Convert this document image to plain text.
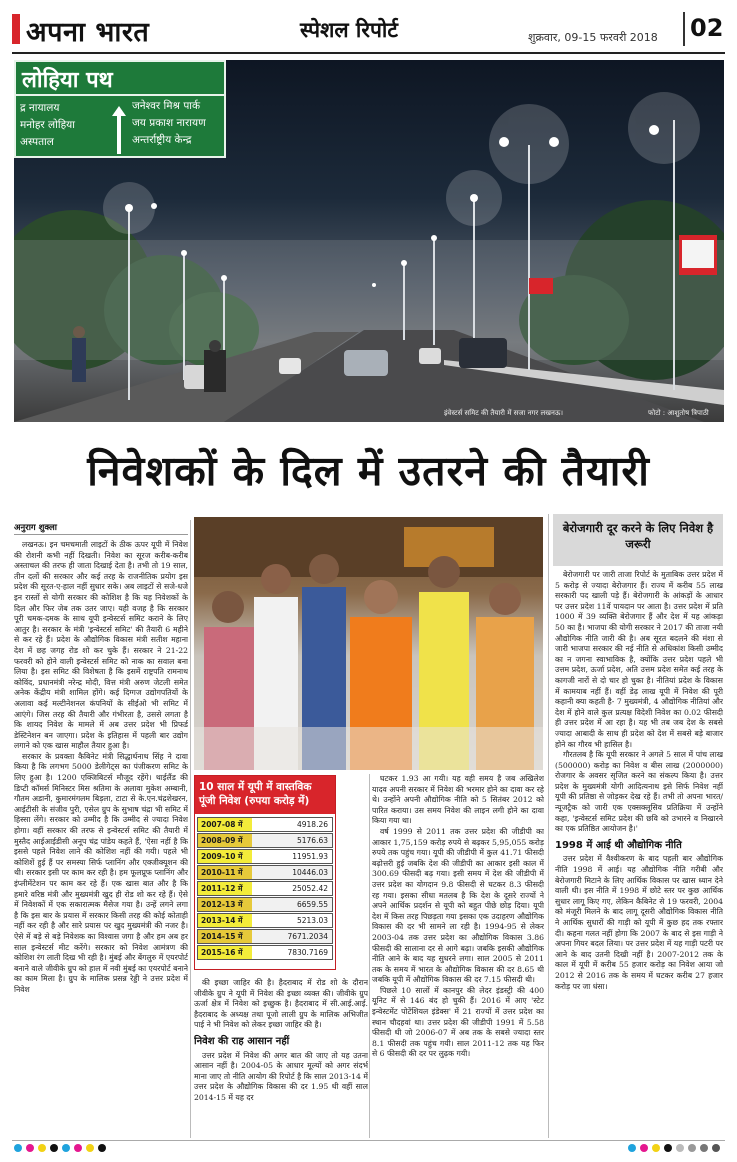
अपना भारत	स्पेशल रिपोर्ट	शुक्रवार, 09-15 फरवरी 2018 02
लोहिया पथ
द्र नायालय
मनोहर लोहिया
अस्पताल
जनेश्वर मिश्र पार्क
जय प्रकाश नारायण
अन्तर्राष्ट्रीय केन्द्र
इंवेस्टर्स समिट की तैयारी में सजा नगर लखनऊ।	फोटो : आशुतोष त्रिपाठी
निवेशकों के दिल में उतरने की तैयारी
अनुराग शुक्ला

लखनऊ। इन चमचमाती लाइटों के ठीक ऊपर यूपी में निवेश की रोशनी कभी नहीं दिखती। निवेश का सूरज करीब-करीब अस्ताचल की तरफ ही जाता दिखाई देता है। तभी तो 19 साल, तीन दलों की सरकार और कई तरह के राजनीतिक प्रयोग इस प्रदेश की सूरत-ए-हाल नहीं सुधार सके। अब लाइटों से सजे-धजे इन रास्तों से योगी सरकार की कोशिश है कि यह निवेशकों के दिल और फिर जेब तक उतर जाए। यही वजह है कि सरकार पूरी चमक-दमक के साथ यूपी इन्वेस्टर्स समिट कराने के लिए आतुर है। सरकार के मंत्री 'इन्वेस्टर्स समिट' की तैयारी 6 महीने से कर रहे हैं। प्रदेश के औद्योगिक विकास मंत्री सतीश महाना देश में छह जगह रोड शो कर चुके हैं। सरकार ने 21-22 फरवरी को होने वाली इन्वेस्टर्स समिट को नाक का सवाल बना लिया है। इस समिट की विशेषता है कि इसमें राष्ट्रपति रामनाथ कोविंद, प्रधानमंत्री नरेन्द्र मोदी, वित्त मंत्री अरुण जेटली समेत अनेक केंद्रीय मंत्री शामिल होंगे। कई दिग्गज उद्योगपतियों के अलावा कई मल्टीनेशनल कंपनियों के सीईओ भी समिट में आएंगे। जिस तरह की तैयारी और गंभीरता है, उससे लगता है कि शायद निवेश के मामले में अब उत्तर प्रदेश भी प्रिफर्ड डेस्टिनेशन बन जाएगा। प्रदेश के इतिहास में पहली बार उद्योग लगाने को एक खास माहौल तैयार हुआ है।

सरकार के प्रवक्ता कैबिनेट मंत्री सिद्धार्थनाथ सिंह ने दावा किया है कि लगभग 5000 डेलीगेट्स का पंजीकरण समिट के लिए हुआ है। 1200 एक्जिबिटर्स मौजूद रहेंगे। थाईलैंड की डिप्टी कॉमर्स मिनिस्टर मिस श्रतिमा के अलावा मुकेश अम्बानी, गौतम अडानी, कुमारमंगलम बिड़ला, टाटा से के.एन.चंद्रशेखरन, आईटीसी के संजीव पुरी, एसेल ग्रुप के सुभाष चंद्रा भी समिट में हिस्सा लेंगे। सरकार को उम्मीद है कि उम्मीद से ज्यादा निवेश होगा। वहीं सरकार की तरफ से इन्वेस्टर्स समिट की तैयारी में मुस्तैद आईआईडीसी अनूप चंद्र पांडेय कहते हैं, 'ऐसा नहीं है कि इससे पहले निवेश लाने की कोशिश नहीं की गयी। पहले भी कोशिशें हुई हैं पर समस्या सिर्फ प्लानिंग और एक्जीक्यूशन की थी। सरकार इसी पर काम कर रही है। हम फूलप्रूफ प्लानिंग और इंप्लीमेंटेशन पर काम कर रहे हैं। एक खास बात और है कि हमारे वरिष्ठ मंत्री और मुख्यमंत्री खुद ही रोड शो कर रहे हैं। ऐसे में निवेशकों में एक सकारात्मक मैसेज गया है। उन्हें लगने लगा है कि इस बार के प्रयास में सरकार किसी तरह की कोई कोताही नहीं कर रही है और सारे प्रयास पर खुद मुख्यमंत्री की नजर है। ऐसे में बड़े से बड़े निवेशक का विश्वास जगा है और हम अब हर साल इन्वेस्टर्स मीट करेंगे। सरकार को निवेश आमंत्रण की कोशिश रंग लाती दिख भी रही है। मुंबई और बेंगलुरु में एयरपोर्ट बनाने वाले जीवीके ग्रुप को हाल में नवी मुंबई का एयरपोर्ट बनाने का काम मिला है। ग्रुप के मालिक प्रसन्न रेड्डी ने उत्तर प्रदेश में निवेश

10 साल में यूपी में वास्तविक पूंजी निवेश (रुपया करोड़ में)
2007-08 में	4918.26
2008-09 में	5176.63
2009-10 में	11951.93
2010-11 में	10446.03
2011-12 में	25052.42
2012-13 में	6659.55
2013-14 में	5213.03
2014-15 में	7671.2034
2015-16 में	7830.7169

की इच्छा जाहिर की है। हैदराबाद में रोड शो के दौरान जीवीके ग्रुप ने यूपी में निवेश की इच्छा व्यक्त की। जीवीके ग्रुप ऊर्जा क्षेत्र में निवेश को इच्छुक है। हैदराबाद में सी.आई.आई. हैदराबाद के अध्यक्ष तथा पूजो लाली ग्रुप के मालिक अभिजीत पाई ने भी निवेश को लेकर इच्छा जाहिर की है।

निवेश की राह आसान नहीं

उत्तर प्रदेश में निवेश की अगर बात की जाए तो यह उतना आसान नहीं है। 2004-05 के आधार मूल्यों को अगर संदर्भ माना जाए तो नीति आयोग की रिपोर्ट है कि साल 2013-14 में उत्तर प्रदेश के औद्योगिक विकास की दर 1.95 थी वहीं साल 2014-15 में यह दर

घटकर 1.93 आ गयी। यह वही समय है जब अखिलेश यादव अपनी सरकार में निवेश की भरमार होने का दावा कर रहे थे। उन्होंने अपनी औद्योगिक नीति को 5 सितंबर 2012 को पारित कराया। उस समय निवेश की लाइन लगी होने का दावा किया गया था।

वर्ष 1999 से 2011 तक उत्तर प्रदेश की जीडीपी का आकार 1,75,159 करोड़ रुपये से बढ़कर 5,95,055 करोड़ रुपये तक पहुंच गया। यूपी की जीडीपी में कुल 41.71 फीसदी बढ़ोत्तरी हुई जबकि देश की जीडीपी का आकार इसी काल में 300.69 फीसदी बढ़ गया। इसी समय में देश की जीडीपी में उत्तर प्रदेश का योगदान 9.8 फीसदी से घटकर 8.3 फीसदी रह गया। इसका सीधा मतलब है कि देश के दूसरे राज्यों ने अपने आर्थिक प्रदर्शन से यूपी को बहुत पीछे छोड़ दिया। यूपी देश में किस तरह पिछड़ता गया इसका एक उदाहरण औद्योगिक विकास की दर भी सामने ला रही है। 1994-95 से लेकर 2003-04 तक उत्तर प्रदेश का औद्योगिक विकास 3.86 फीसदी की सालाना दर से आगे बढ़ा। जबकि इसकी औद्योगिक नीति आने के बाद यह सुधरने लगा। साल 2005 से 2011 तक के समय में भारत के औद्योगिक विकास की दर 8.65 थी जबकि यूपी में औद्योगिक विकास की दर 7.15 फीसदी थी।

पिछले 10 सालों में कानपुर की लेदर इंडस्ट्री की 400 यूनिट में से 146 बंद हो चुकी हैं। 2016 में आए 'स्टेट इन्वेस्टमेंट पोटेंशियल इंडेक्स' में 21 राज्यों में उत्तर प्रदेश का स्थान चौदहवां था। उत्तर प्रदेश की जीडीपी 1991 में 5.58 फीसदी थी जो 2006-07 में अब तक के सबसे ज्यादा स्तर 8.1 फीसदी तक पहुंच गयी। साल 2011-12 तक यह फिर से 6 फीसदी की दर पर लुढ़क गयी।

बेरोजगारी दूर करने के लिए निवेश है जरूरी

बेरोजगारी पर जारी ताजा रिपोर्ट के मुताबिक उत्तर प्रदेश में 5 करोड़ से ज्यादा बेरोजगार हैं। राज्य में करीब 55 लाख सरकारी पद खाली पड़े हैं। बेरोजगारी के आंकड़ों के आधार पर उत्तर प्रदेश 11वें पायदान पर आता है। उत्तर प्रदेश में प्रति 1000 में 39 व्यक्ति बेरोजगार हैं और देश में यह आंकड़ा 50 का है। भाजपा की योगी सरकार ने 2017 की ताजा नयी औद्योगिक नीति जारी की है। अब सूरत बदलने की मंशा से जारी भाजपा सरकार की नई नीति से अधिकांश किसी उम्मीद का न जगना स्वाभाविक है, क्योंकि उत्तर प्रदेश पहले भी उत्तम प्रदेश, ऊर्जा प्रदेश, अति उत्तम प्रदेश समेत कई तरह के कागजी नारों से दो चार हो चुका है। नीतियां प्रदेश के विकास में कामयाब नहीं हैं। वहीं डेढ़ लाख यूपी में निवेश की पूरी कहानी क्या कहती है- 7 मुख्यमंत्री, 4 औद्योगिक नीतियां और देश में होने वाले कुल प्रत्यक्ष विदेशी निवेश का 0.02 फीसदी ही उत्तर प्रदेश में आ रहा है। यह भी तब जब देश के सबसे ज्यादा आबादी के साथ ही प्रदेश को देश में सबसे बड़े बाजार होने का गौरव भी हासिल है।

गौरतलब है कि यूपी सरकार ने अगले 5 साल में पांच लाख (500000) करोड़ का निवेश व बीस लाख (2000000) रोजगार के अवसर सृजित करने का संकल्प किया है। उत्तर प्रदेश के मुख्यमंत्री योगी आदित्यनाथ इसे सिर्फ निवेश नहीं यूपी की प्रतिष्ठा से जोड़कर देख रहे हैं। तभी तो अपना भारत/न्यूजट्रैक को जारी एक एक्सक्लूसिव प्रतिक्रिया में उन्होंने कहा, 'इन्वेस्टर्स समिट प्रदेश की छवि को उभारने व निखारने का एक प्रतिष्ठित आयोजन है।'

1998 में आई थी औद्योगिक नीति

उत्तर प्रदेश में वैश्वीकरण के बाद पहली बार औद्योगिक नीति 1998 में आई। यह औद्योगिक नीति गरीबी और बेरोजगारी मिटाने के लिए आर्थिक विकास पर खास ध्यान देने वाली थी। इस नीति में 1998 में छोटे स्तर पर कुछ आर्थिक सुधार लागू किए गए, लेकिन कैबिनेट से 19 फरवरी, 2004 को मंजूरी मिलने के बाद लागू दूसरी औद्योगिक विकास नीति ने आर्थिक सुधारों की गाड़ी को यूपी में कुछ हद तक रफ्तार दी। कहना गलत नहीं होगा कि 2007 के बाद से इस गाड़ी ने अपना गियर बदल लिया। पर उत्तर प्रदेश में यह गाड़ी पटरी पर आने के बाद उतनी दिखी नहीं है। 2007-2012 तक के काल में यूपी में करीब 55 हजार करोड़ का निवेश आया जो 2012 से 2016 तक के समय में घटकर करीब 27 हजार करोड़ पर जा धंसा।
